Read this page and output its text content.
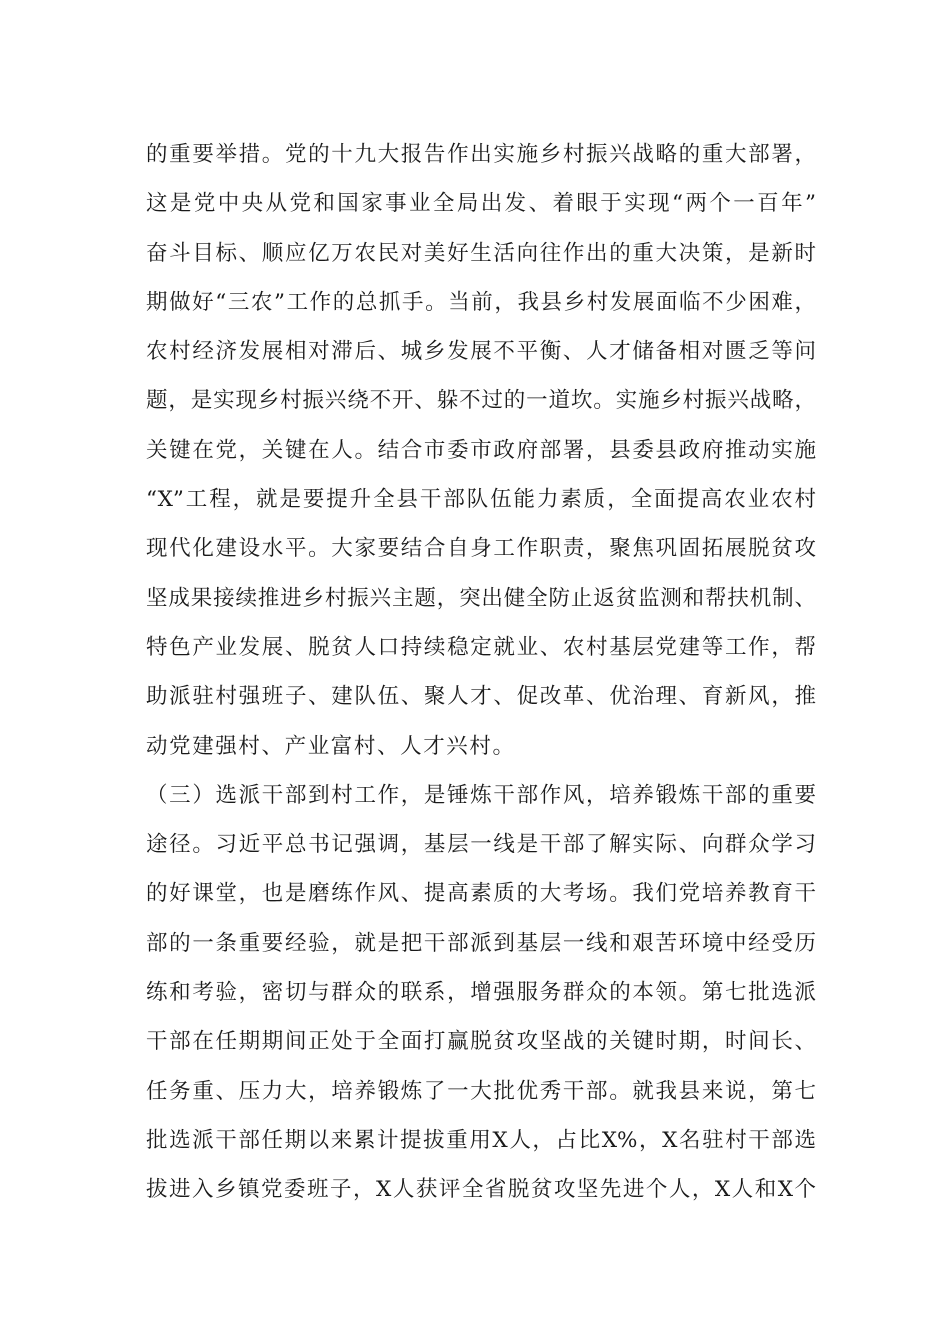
的重要举措。党的十九大报告作出实施乡村振兴战略的重大部署，
这是党中央从党和国家事业全局出发、着眼于实现“两个一百年”
奋斗目标、顺应亿万农民对美好生活向往作出的重大决策，是新时
期做好“三农”工作的总抓手。当前，我县乡村发展面临不少困难，
农村经济发展相对滞后、城乡发展不平衡、人才储备相对匮乏等问
题，是实现乡村振兴绕不开、躲不过的一道坎。实施乡村振兴战略，
关键在党，关键在人。结合市委市政府部署，县委县政府推动实施
“X”工程，就是要提升全县干部队伍能力素质，全面提高农业农村
现代化建设水平。大家要结合自身工作职责，聚焦巩固拓展脱贫攻
坚成果接续推进乡村振兴主题，突出健全防止返贫监测和帮扶机制、
特色产业发展、脱贫人口持续稳定就业、农村基层党建等工作，帮
助派驻村强班子、建队伍、聚人才、促改革、优治理、育新风，推
动党建强村、产业富村、人才兴村。
（三）选派干部到村工作，是锤炼干部作风，培养锻炼干部的重要
途径。习近平总书记强调，基层一线是干部了解实际、向群众学习
的好课堂，也是磨练作风、提高素质的大考场。我们党培养教育干
部的一条重要经验，就是把干部派到基层一线和艰苦环境中经受历
练和考验，密切与群众的联系，增强服务群众的本领。第七批选派
干部在任期期间正处于全面打赢脱贫攻坚战的关键时期，时间长、
任务重、压力大，培养锻炼了一大批优秀干部。就我县来说，第七
批选派干部任期以来累计提拔重用X人，占比X%，X名驻村干部选
拔进入乡镇党委班子，X人获评全省脱贫攻坚先进个人，X人和X个
